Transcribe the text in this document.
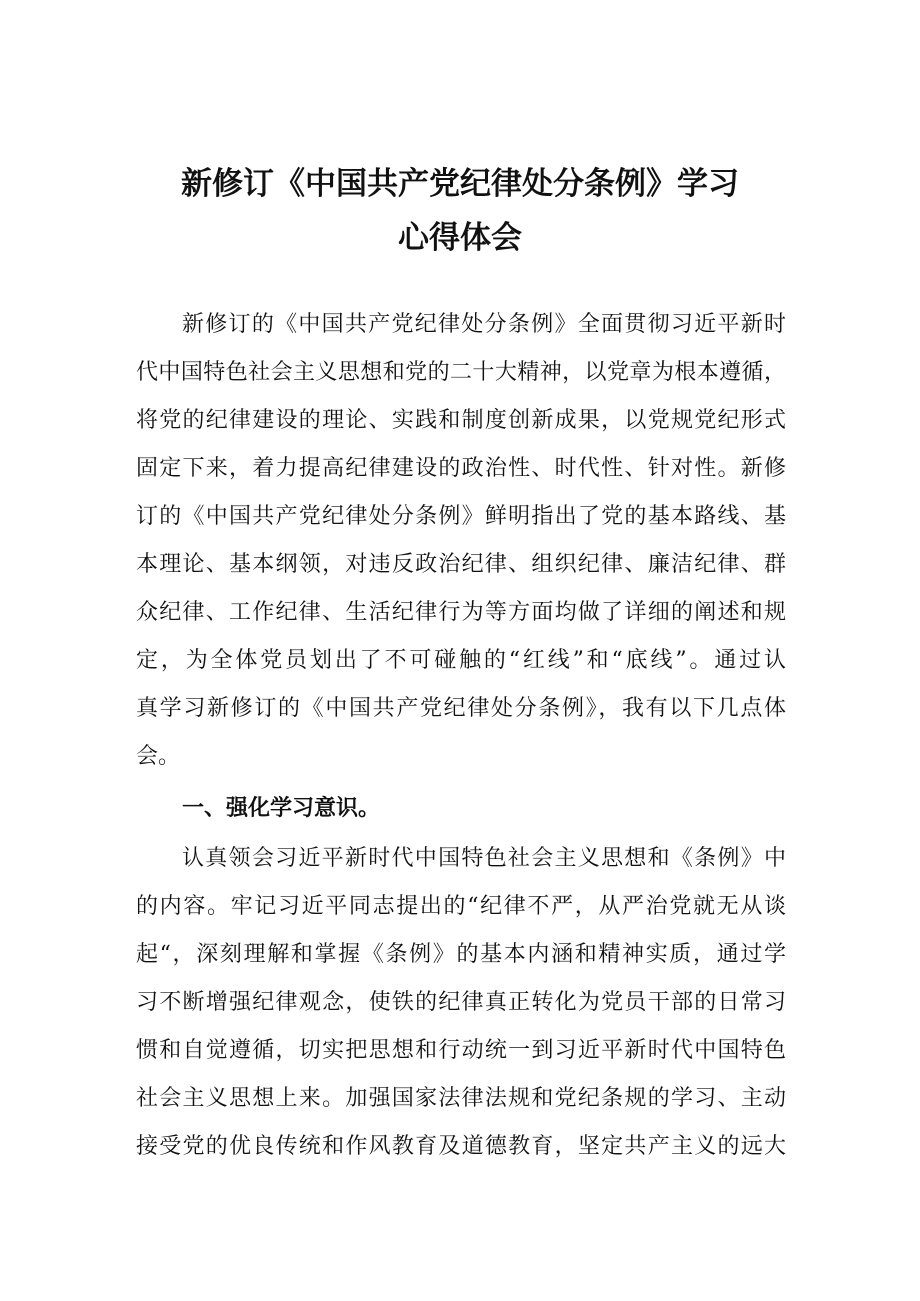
新修订《中国共产党纪律处分条例》学习
心得体会
新修订的《中国共产党纪律处分条例》全面贯彻习近平新时
代中国特色社会主义思想和党的二十大精神，以党章为根本遵循，
将党的纪律建设的理论、实践和制度创新成果，以党规党纪形式
固定下来，着力提高纪律建设的政治性、时代性、针对性。新修
订的《中国共产党纪律处分条例》鲜明指出了党的基本路线、基
本理论、基本纲领，对违反政治纪律、组织纪律、廉洁纪律、群
众纪律、工作纪律、生活纪律行为等方面均做了详细的阐述和规
定，为全体党员划出了不可碰触的“红线”和“底线”。通过认
真学习新修订的《中国共产党纪律处分条例》，我有以下几点体
会。
一、强化学习意识。
认真领会习近平新时代中国特色社会主义思想和《条例》中
的内容。牢记习近平同志提出的“纪律不严，从严治党就无从谈
起“，深刻理解和掌握《条例》的基本内涵和精神实质，通过学
习不断增强纪律观念，使铁的纪律真正转化为党员干部的日常习
惯和自觉遵循，切实把思想和行动统一到习近平新时代中国特色
社会主义思想上来。加强国家法律法规和党纪条规的学习、主动
接受党的优良传统和作风教育及道德教育，坚定共产主义的远大
